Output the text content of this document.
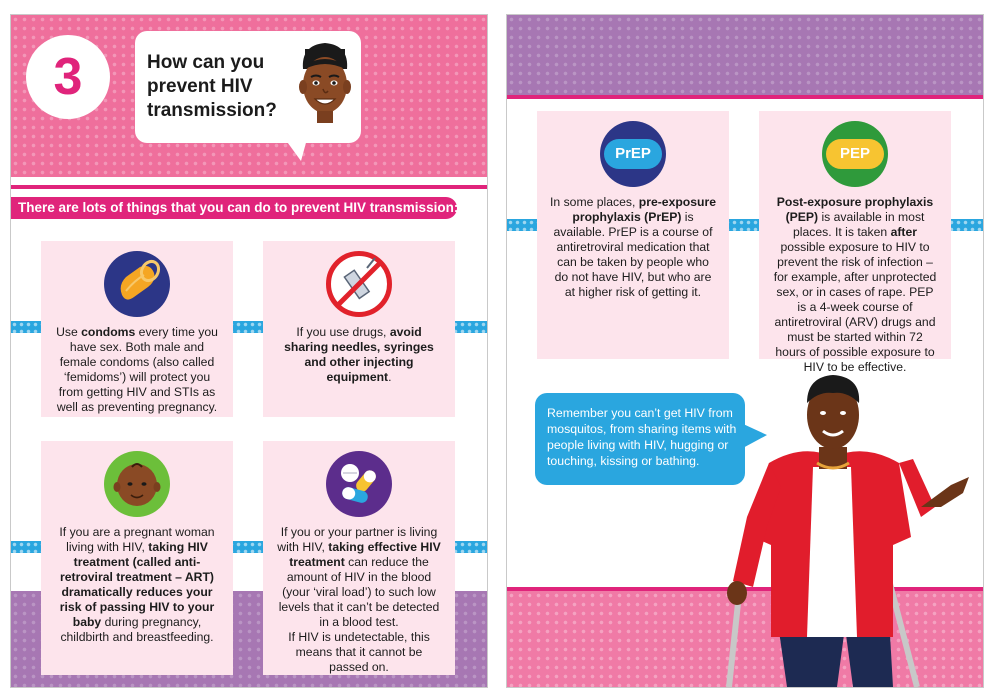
3	How can you prevent HIV transmission?
There are lots of things that you can do to prevent HIV transmission:
Use condoms every time you have sex. Both male and female condoms (also called ‘femidoms’) will protect you from getting HIV and STIs as well as preventing pregnancy.
If you use drugs, avoid sharing needles, syringes and other injecting equipment.
If you are a pregnant woman living with HIV, taking HIV treatment (called anti-retroviral treatment – ART) dramatically reduces your risk of passing HIV to your baby during pregnancy, childbirth and breastfeeding.
If you or your partner is living with HIV, taking effective HIV treatment can reduce the amount of HIV in the blood (your ‘viral load’) to such low levels that it can’t be detected in a blood test.
If HIV is undetectable, this means that it cannot be passed on.
PrEP
In some places, pre-exposure prophylaxis (PrEP) is available. PrEP is a course of antiretroviral medication that can be taken by people who do not have HIV, but who are at higher risk of getting it.
PEP
Post-exposure prophylaxis (PEP) is available in most places. It is taken after possible exposure to HIV to prevent the risk of infection – for example, after unprotected sex, or in cases of rape. PEP is a 4-week course of antiretroviral (ARV) drugs and must be started within 72 hours of possible exposure to HIV to be effective.
Remember you can’t get HIV from mosquitos, from sharing items with people living with HIV, hugging or touching, kissing or bathing.
